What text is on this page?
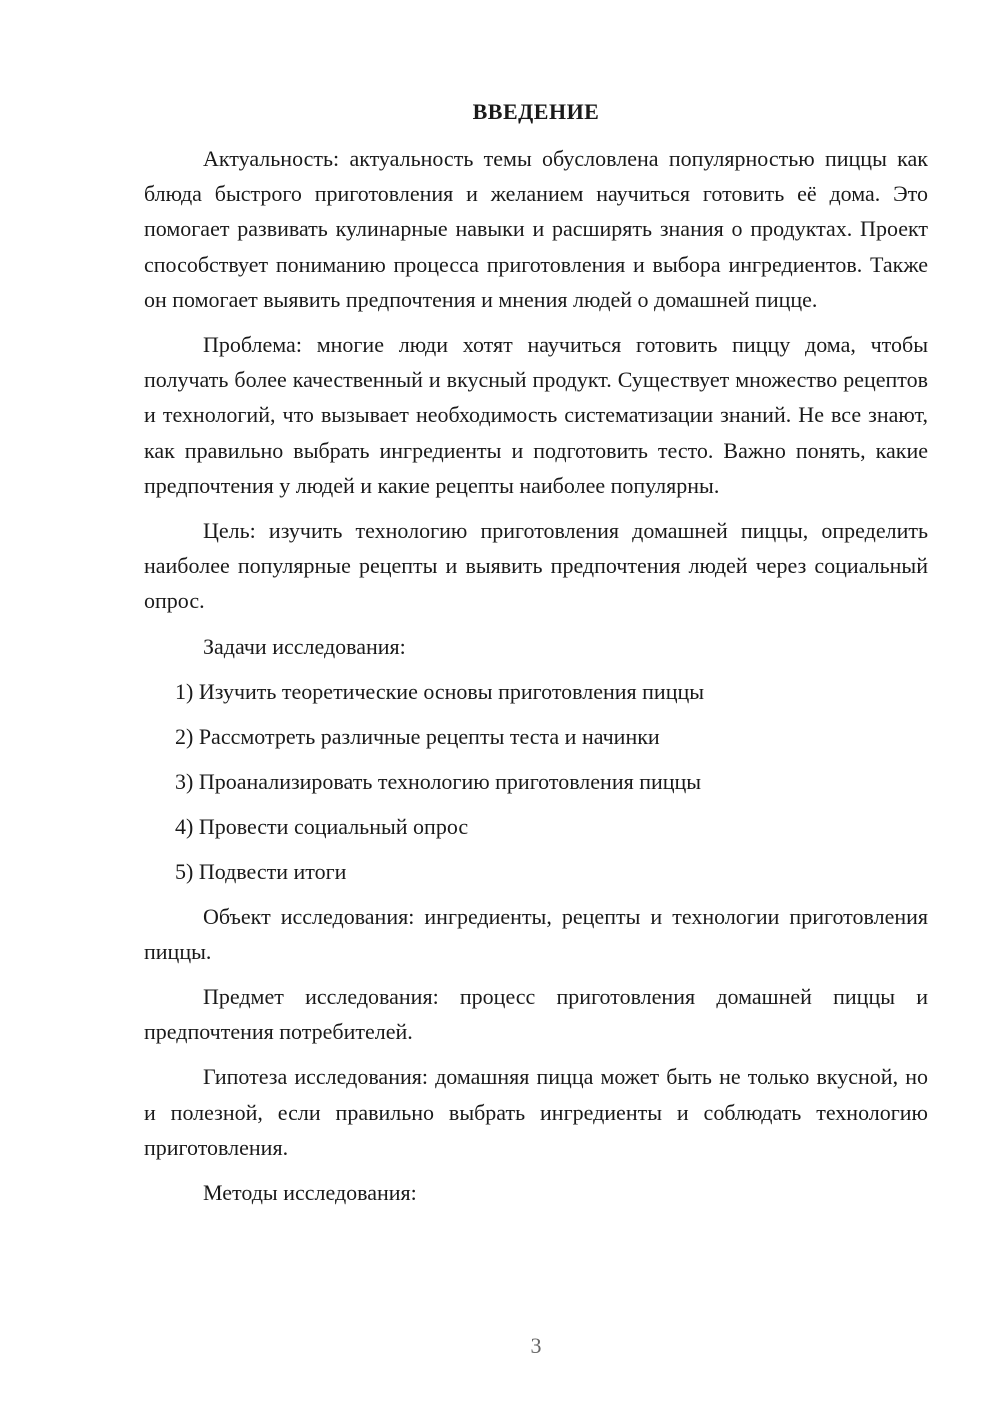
ВВЕДЕНИЕ

Актуальность: актуальность темы обусловлена популярностью пиццы как блюда быстрого приготовления и желанием научиться готовить её дома. Это помогает развивать кулинарные навыки и расширять знания о продуктах. Проект способствует пониманию процесса приготовления и выбора ингредиентов. Также он помогает выявить предпочтения и мнения людей о домашней пицце.

Проблема: многие люди хотят научиться готовить пиццу дома, чтобы получать более качественный и вкусный продукт. Существует множество рецептов и технологий, что вызывает необходимость систематизации знаний. Не все знают, как правильно выбрать ингредиенты и подготовить тесто. Важно понять, какие предпочтения у людей и какие рецепты наиболее популярны.

Цель: изучить технологию приготовления домашней пиццы, определить наиболее популярные рецепты и выявить предпочтения людей через социальный опрос.

Задачи исследования:
1) Изучить теоретические основы приготовления пиццы
2) Рассмотреть различные рецепты теста и начинки
3) Проанализировать технологию приготовления пиццы
4) Провести социальный опрос
5) Подвести итоги

Объект исследования: ингредиенты, рецепты и технологии приготовления пиццы.

Предмет исследования: процесс приготовления домашней пиццы и предпочтения потребителей.

Гипотеза исследования: домашняя пицца может быть не только вкусной, но и полезной, если правильно выбрать ингредиенты и соблюдать технологию приготовления.

Методы исследования:
3
